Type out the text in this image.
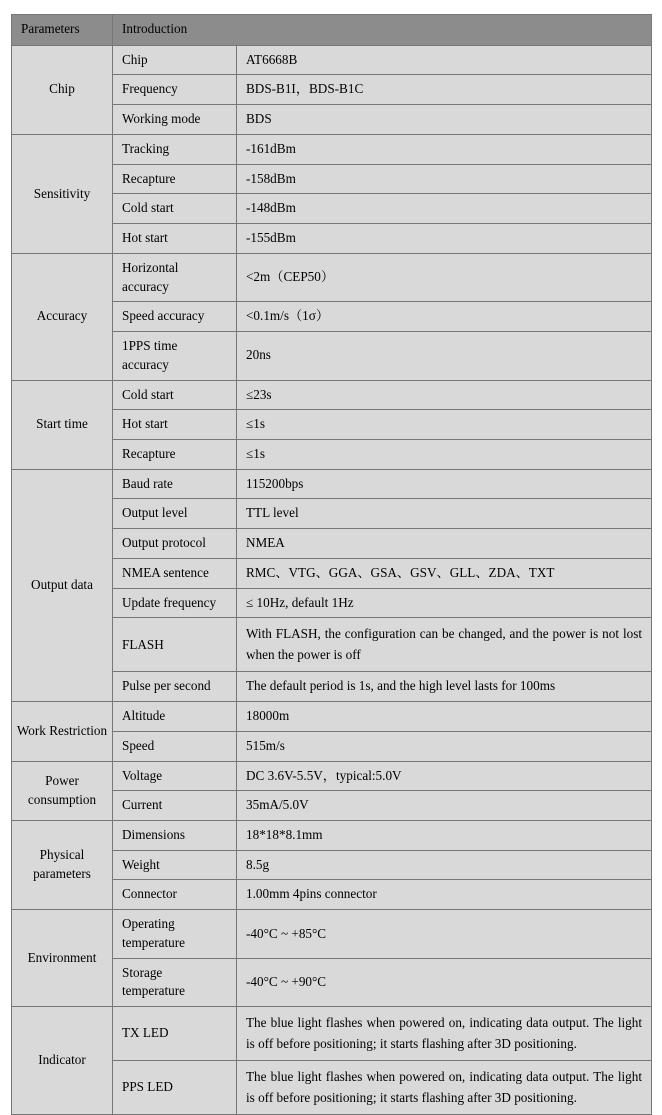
Parameters	Introduction	
Chip	Chip	AT6668B
	Frequency	BDS-B1I，BDS-B1C
	Working mode	BDS
Sensitivity	Tracking	-161dBm
	Recapture	-158dBm
	Cold start	-148dBm
	Hot start	-155dBm
Accuracy	Horizontal accuracy	<2m（CEP50）
	Speed accuracy	<0.1m/s（1σ）
	1PPS time accuracy	20ns
Start time	Cold start	≤23s
	Hot start	≤1s
	Recapture	≤1s
Output data	Baud rate	115200bps
	Output level	TTL level
	Output protocol	NMEA
	NMEA sentence	RMC、VTG、GGA、GSA、GSV、GLL、ZDA、TXT
	Update frequency	≤ 10Hz, default 1Hz
	FLASH	With FLASH, the configuration can be changed, and the power is not lost when the power is off
	Pulse per second	The default period is 1s, and the high level lasts for 100ms
Work Restriction	Altitude	18000m
	Speed	515m/s
Power consumption	Voltage	DC 3.6V-5.5V，typical:5.0V
	Current	35mA/5.0V
Physical parameters	Dimensions	18*18*8.1mm
	Weight	8.5g
	Connector	1.00mm 4pins connector
Environment	Operating temperature	-40°C ~ +85°C
	Storage temperature	-40°C ~ +90°C
Indicator	TX LED	The blue light flashes when powered on, indicating data output. The light is off before positioning; it starts flashing after 3D positioning.
	PPS LED	The blue light flashes when powered on, indicating data output. The light is off before positioning; it starts flashing after 3D positioning.
